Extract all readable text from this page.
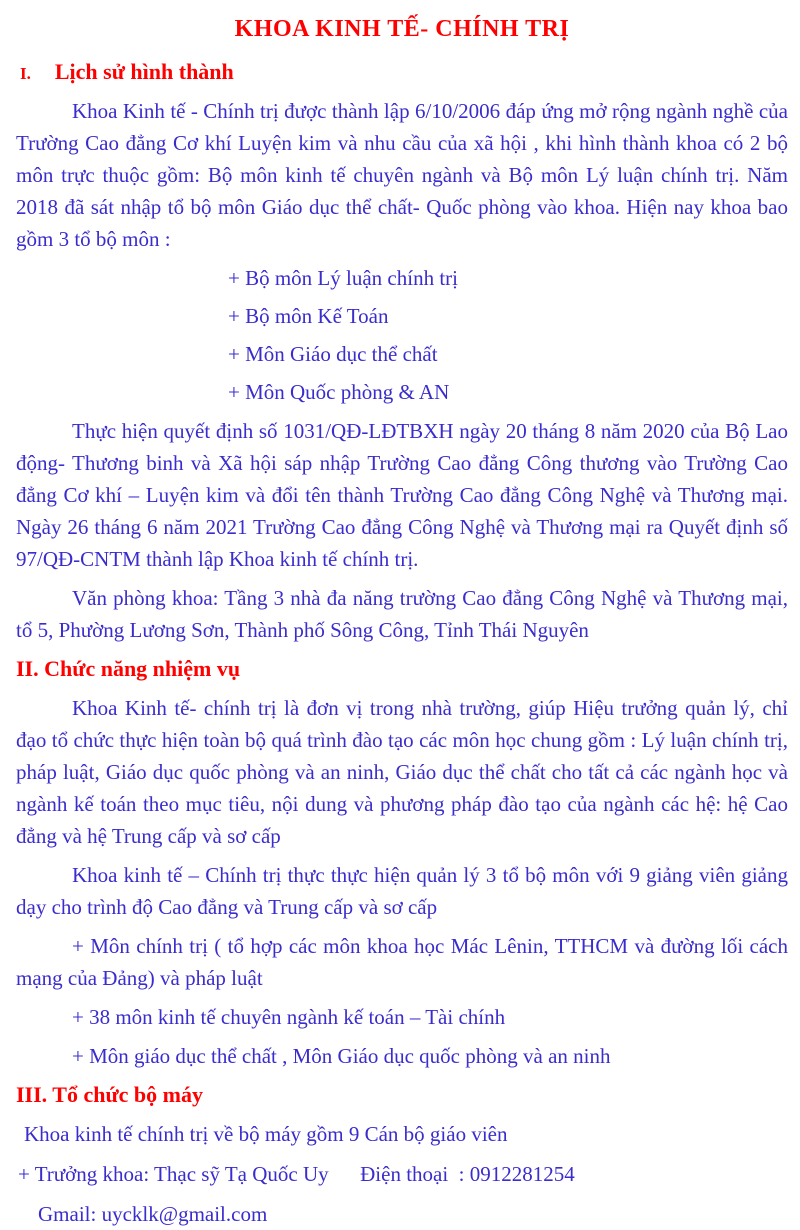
KHOA KINH TẾ- CHÍNH TRỊ
I. Lịch sử hình thành

Khoa Kinh tế - Chính trị được thành lập 6/10/2006 đáp ứng mở rộng ngành nghề của Trường Cao đẳng Cơ khí Luyện kim và nhu cầu của xã hội , khi hình thành khoa có 2 bộ môn trực thuộc gồm: Bộ môn kinh tế chuyên ngành và Bộ môn Lý luận chính trị. Năm 2018 đã sát nhập tổ bộ môn Giáo dục thể chất- Quốc phòng vào khoa. Hiện nay khoa bao gồm 3 tổ bộ môn :

+ Bộ môn Lý luận chính trị

+ Bộ môn Kế Toán

+ Môn Giáo dục thể chất

+ Môn Quốc phòng & AN

Thực hiện quyết định số 1031/QĐ-LĐTBXH ngày 20 tháng 8 năm 2020 của Bộ Lao động- Thương binh và Xã hội sáp nhập Trường Cao đẳng Công thương vào Trường Cao đẳng Cơ khí – Luyện kim và đổi tên thành Trường Cao đẳng Công Nghệ và Thương mại. Ngày 26 tháng 6 năm 2021 Trường Cao đẳng Công Nghệ và Thương mại ra Quyết định số 97/QĐ-CNTM thành lập Khoa kinh tế chính trị.

Văn phòng khoa: Tầng 3 nhà đa năng trường Cao đẳng Công Nghệ và Thương mại, tổ 5, Phường Lương Sơn, Thành phố Sông Công, Tỉnh Thái Nguyên

II. Chức năng nhiệm vụ

Khoa Kinh tế- chính trị là đơn vị trong nhà trường, giúp Hiệu trưởng quản lý, chỉ đạo tổ chức thực hiện toàn bộ quá trình đào tạo các môn học chung gồm : Lý luận chính trị, pháp luật, Giáo dục quốc phòng và an ninh, Giáo dục thể chất cho tất cả các ngành học và ngành kế toán theo mục tiêu, nội dung và phương pháp đào tạo của ngành các hệ: hệ Cao đẳng và hệ Trung cấp và sơ cấp

Khoa kinh tế – Chính trị thực thực hiện quản lý 3 tổ bộ môn với 9 giảng viên giảng dạy cho trình độ Cao đẳng và Trung cấp và sơ cấp

+ Môn chính trị ( tổ hợp các môn khoa học Mác Lênin, TTHCM và đường lối cách mạng của Đảng) và pháp luật

+ 38 môn kinh tế chuyên ngành kế toán – Tài chính

+ Môn giáo dục thể chất , Môn Giáo dục quốc phòng và an ninh

III. Tổ chức bộ máy

Khoa kinh tế chính trị về bộ máy gồm 9 Cán bộ giáo viên

+ Trưởng khoa: Thạc sỹ Tạ Quốc Uy      Điện thoại  : 0912281254

Gmail: uycklk@gmail.com
